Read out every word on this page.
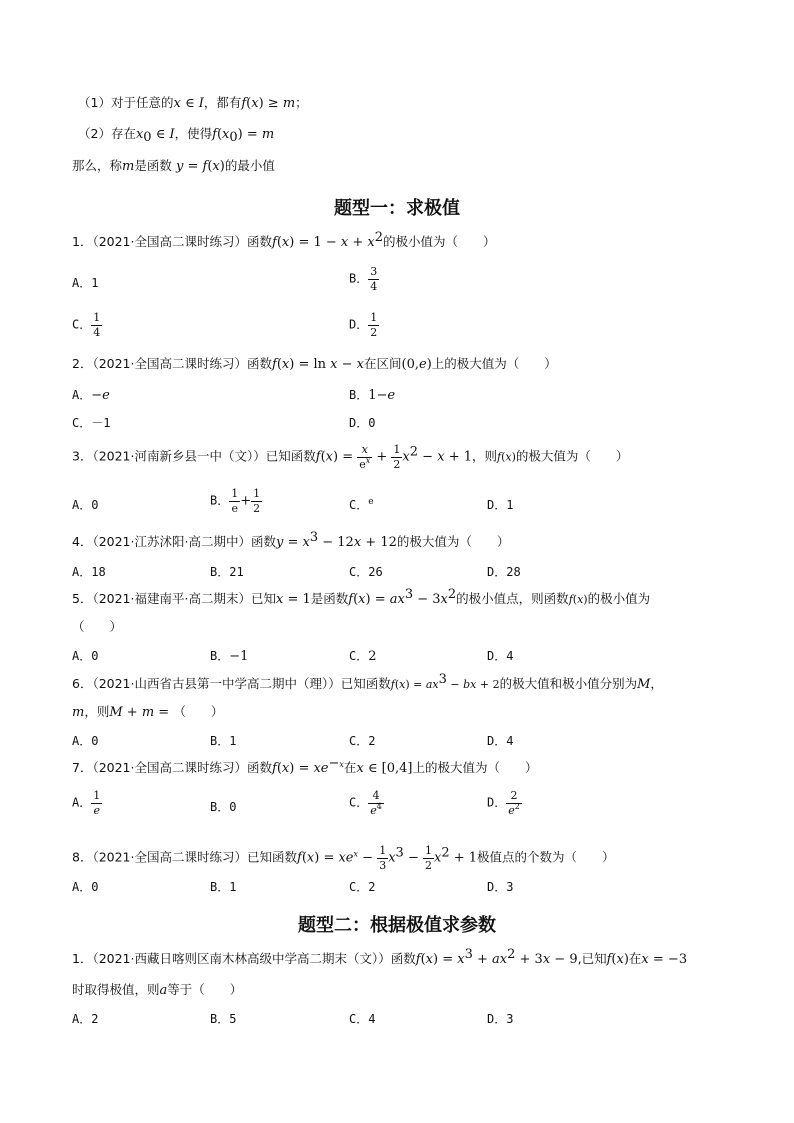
（1）对于任意的x ∈ I，都有f(x) ≥ m；
（2）存在$x_0$ ∈ I，使得$f(x_0) = m$
那么，称m是函数 y = f(x)的最小值
题型一：求极值
1．（2021·全国高二课时练习）函数$f(x) = 1 - x + x^2$的极小值为（　　）
A．1	B． $\frac{3}{4}$
C． $\frac{1}{4}$	D． $\frac{1}{2}$
2．（2021·全国高二课时练习）函数f(x) = ln x − x在区间(0,e)上的极大值为（　　）
A．−e	B．1−e
C．－1	D．0
3．（2021·河南新乡县一中（文））已知函数$f(x) = \frac{x}{e^x} + \frac{1}{2} x^2 - x + 1$，则f(x)的极大值为（　　）
A．0	B． $\frac{1}{e} + \frac{1}{2}$	C．$^e$	D．1
4．（2021·江苏沭阳·高二期中）函数$y = x^3 - 12x + 12$的极大值为（　　）
A．18	B．21	C．26	D．28
5．（2021·福建南平·高二期末）已知x = 1是函数$f(x) = ax^3 - 3x^2$的极小值点，则函数f(x)的极小值为
（　　）
A．0	B．−1	C．2	D．4
6．（2021·山西省古县第一中学高二期中（理））已知函数$f(x) = ax^3$ − bx + 2的极大值和极小值分别为M，
m，则M + m = （　　）
A．0	B．1	C．2	D．4
7．（2021·全国高二课时练习）函数$f(x) = xe^{-x}$在x ∈ [0,4]上的极大值为（　　）
A． $\frac{1}{e}$	B．0	C． $\frac{4}{e^4}$	D． $\frac{2}{e^2}$
8．（2021·全国高二课时练习）已知函数$f(x) = xe^x - \frac{1}{3} x^3 - \frac{1}{2} x^2 + 1$极值点的个数为（　　）
A．0	B．1	C．2	D．3
题型二：根据极值求参数
1．（2021·西藏日喀则区南木林高级中学高二期末（文））函数$f(x) = x^3 + ax^2 + 3x - 9$,已知f(x)在x = −3
时取得极值，则a等于（　　）
A．2	B．5	C．4	D．3
